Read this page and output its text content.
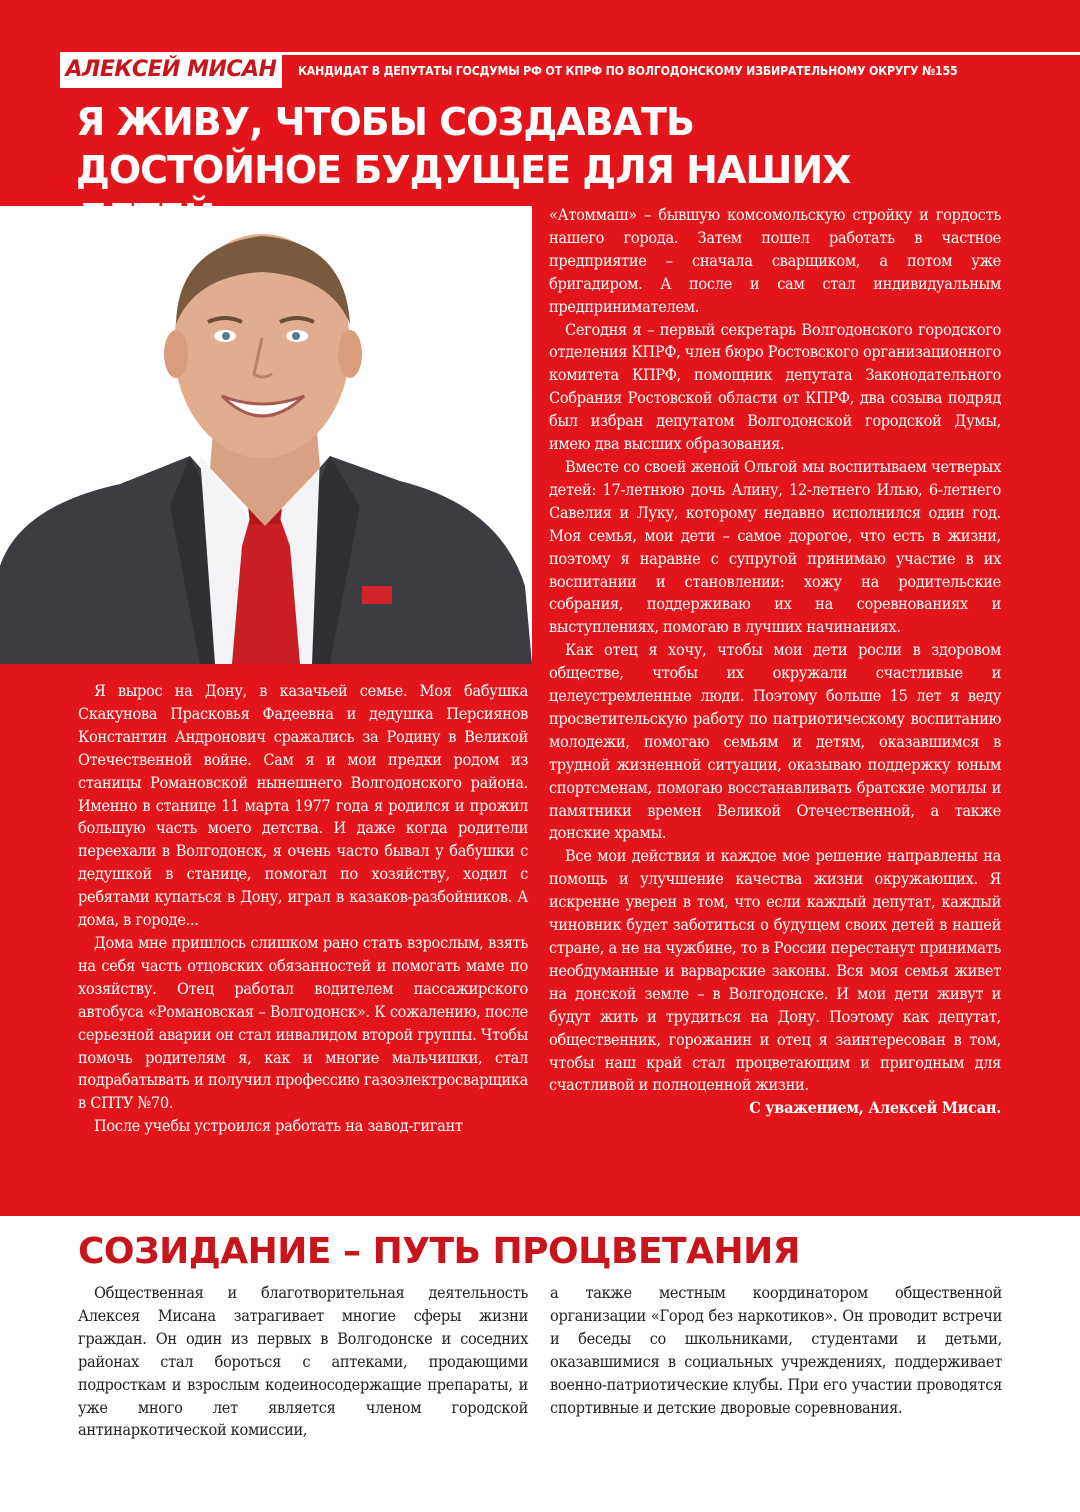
АЛЕКСЕЙ МИСАН	КАНДИДАТ В ДЕПУТАТЫ ГОСДУМЫ РФ ОТ КПРФ ПО ВОЛГОДОНСКОМУ ИЗБИРАТЕЛЬНОМУ ОКРУГУ №155
Я ЖИВУ, ЧТОБЫ СОЗДАВАТЬ
ДОСТОЙНОЕ БУДУЩЕЕ ДЛЯ НАШИХ

Я вырос на Дону, в казачьей семье. Моя бабушка Скакунова Прасковья Фадеевна и дедушка Персиянов Константин Андронович сражались за Родину в Великой Отечественной войне. Сам я и мои предки родом из станицы Романовской нынешнего Волгодонского района. Именно в станице 11 марта 1977 года я родился и прожил большую часть моего детства. И даже когда родители переехали в Волгодонск, я очень часто бывал у бабушки с дедушкой в станице, помогал по хозяйству, ходил с ребятами купаться в Дону, играл в казаков-разбойников. А дома, в городе...

Дома мне пришлось слишком рано стать взрослым, взять на себя часть отцовских обязанностей и помогать маме по хозяйству. Отец работал водителем пассажирского автобуса «Романовская – Волгодонск». К сожалению, после серьезной аварии он стал инвалидом второй группы. Чтобы помочь родителям я, как и многие мальчишки, стал подрабатывать и получил профессию газоэлектросварщика в СПТУ №70.

После учебы устроился работать на завод-гигант

«Атоммаш» – бывшую комсомольскую стройку и гордость нашего города. Затем пошел работать в частное предприятие – сначала сварщиком, а потом уже бригадиром. А после и сам стал индивидуальным предпринимателем.

Сегодня я – первый секретарь Волгодонского городского отделения КПРФ, член бюро Ростовского организационного комитета КПРФ, помощник депутата Законодательного Собрания Ростовской области от КПРФ, два созыва подряд был избран депутатом Волгодонской городской Думы, имею два высших образования.

Вместе со своей женой Ольгой мы воспитываем четверых детей: 17-летнюю дочь Алину, 12-летнего Илью, 6-летнего Савелия и Луку, которому недавно исполнился один год. Моя семья, мои дети – самое дорогое, что есть в жизни, поэтому я наравне с супругой принимаю участие в их воспитании и становлении: хожу на родительские собрания, поддерживаю их на соревнованиях и выступлениях, помогаю в лучших начинаниях.

Как отец я хочу, чтобы мои дети росли в здоровом обществе, чтобы их окружали счастливые и целеустремленные люди. Поэтому больше 15 лет я веду просветительскую работу по патриотическому воспитанию молодежи, помогаю семьям и детям, оказавшимся в трудной жизненной ситуации, оказываю поддержку юным спортсменам, помогаю восстанавливать братские могилы и памятники времен Великой Отечественной, а также донские храмы.

Все мои действия и каждое мое решение направлены на помощь и улучшение качества жизни окружающих. Я искренне уверен в том, что если каждый депутат, каждый чиновник будет заботиться о будущем своих детей в нашей стране, а не на чужбине, то в России перестанут принимать необдуманные и варварские законы. Вся моя семья живет на донской земле – в Волгодонске. И мои дети живут и будут жить и трудиться на Дону. Поэтому как депутат, общественник, горожанин и отец я заинтересован в том, чтобы наш край стал процветающим и пригодным для счастливой и полноценной жизни.

С уважением, Алексей Мисан.

СОЗИДАНИЕ – ПУТЬ ПРОЦВЕТАНИЯ

Общественная и благотворительная деятельность Алексея Мисана затрагивает многие сферы жизни граждан. Он один из первых в Волгодонске и соседних районах стал бороться с аптеками, продающими подросткам и взрослым кодеиносодержащие препараты, и уже много лет является членом городской антинаркотической комиссии,

а также местным координатором общественной организации «Город без наркотиков». Он проводит встречи и беседы со школьниками, студентами и детьми, оказавшимися в социальных учреждениях, поддерживает военно-патриотические клубы. При его участии проводятся спортивные и детские дворовые соревнования.
